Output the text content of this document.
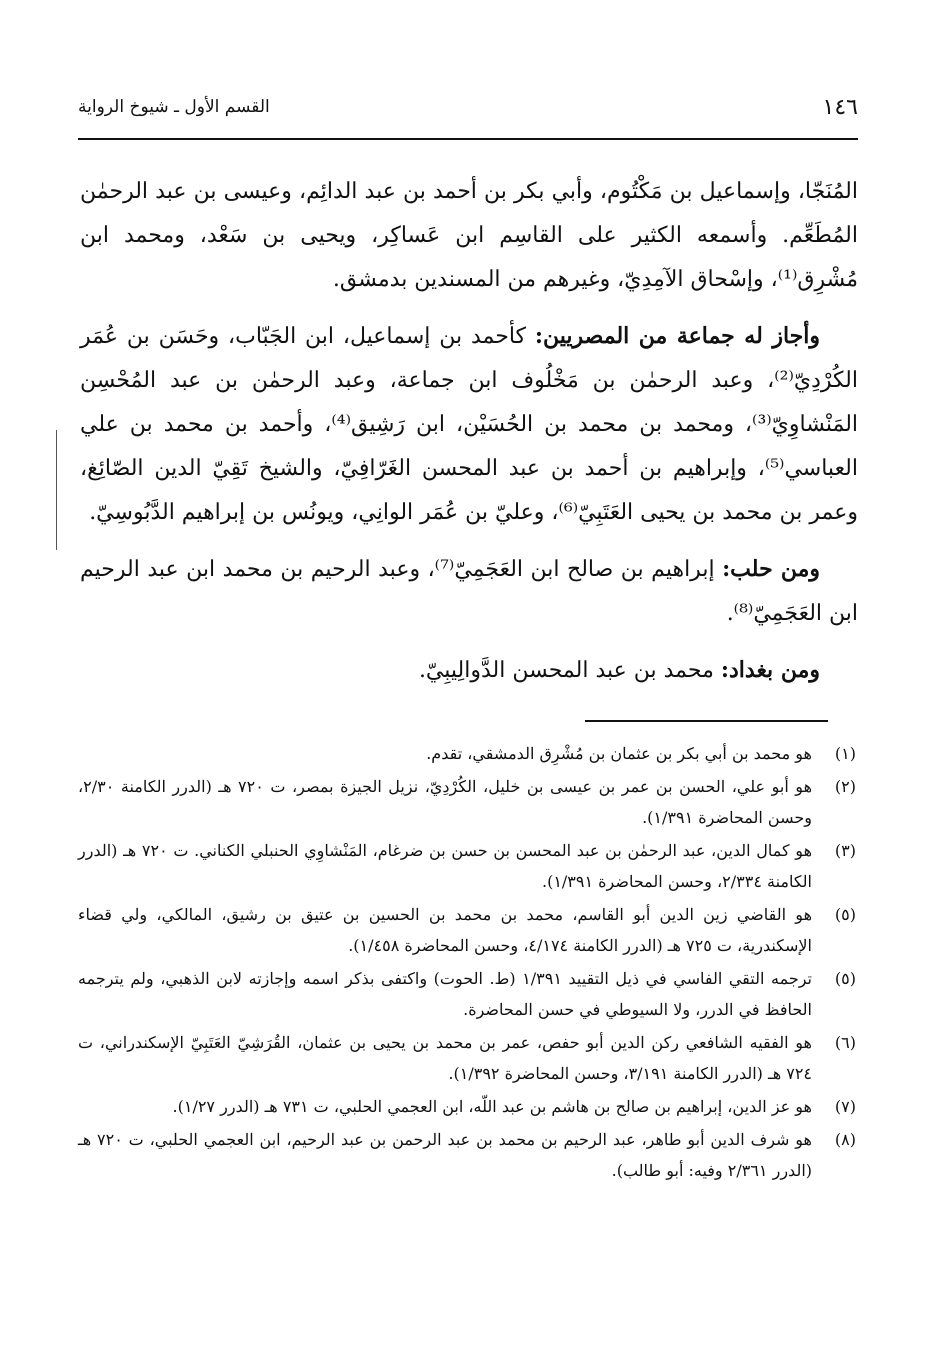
١٤٦
القسم الأول ـ شيوخ الرواية

المُنَجّا، وإسماعيل بن مَكْتُوم، وأبي بكر بن أحمد بن عبد الدائِم، وعيسى بن عبد الرحمٰن المُطَعِّم. وأسمعه الكثير على القاسِم ابن عَساكِر، ويحيى بن سَعْد، ومحمد ابن مُشْرِق⁽¹⁾، وإسْحاق الآمِدِيّ، وغيرهم من المسندين بدمشق.

وأجاز له جماعة من المصريين: كأحمد بن إسماعيل، ابن الجَبّاب، وحَسَن بن عُمَر الكُرْدِيّ⁽²⁾، وعبد الرحمٰن بن مَخْلُوف ابن جماعة، وعبد الرحمٰن بن عبد المُحْسِن المَنْشاوِيّ⁽³⁾، ومحمد بن محمد بن الحُسَيْن، ابن رَشِيق⁽⁴⁾، وأحمد بن محمد بن علي العباسي⁽⁵⁾، وإبراهيم بن أحمد بن عبد المحسن الغَرّافِيّ، والشيخ تَقِيّ الدين الصّائِغ، وعمر بن محمد بن يحيى العَتَبِيّ⁽⁶⁾، وعليّ بن عُمَر الوانِي، ويونُس بن إبراهيم الدَّبُوسِيّ.

ومن حلب: إبراهيم بن صالح ابن العَجَمِيّ⁽⁷⁾، وعبد الرحيم بن محمد ابن عبد الرحيم ابن العَجَمِيّ⁽⁸⁾.

ومن بغداد: محمد بن عبد المحسن الدَّوالِيبِيّ.

(١)
هو محمد بن أبي بكر بن عثمان بن مُشْرِق الدمشقي، تقدم.
(٢)
هو أبو علي، الحسن بن عمر بن عيسى بن خليل، الكُرْدِيّ، نزيل الجيزة بمصر، ت ٧٢٠ هـ (الدرر الكامنة ٢/٣٠، وحسن المحاضرة ١/٣٩١).
(٣)
هو كمال الدين، عبد الرحمٰن بن عبد المحسن بن حسن بن ضرغام، المَنْشاوِي الحنبلي الكناني. ت ٧٢٠ هـ (الدرر الكامنة ٢/٣٣٤، وحسن المحاضرة ١/٣٩١).
(٥)
هو القاضي زين الدين أبو القاسم، محمد بن محمد بن الحسين بن عتيق بن رشيق، المالكي، ولي قضاء الإسكندرية، ت ٧٢٥ هـ (الدرر الكامنة ٤/١٧٤، وحسن المحاضرة ١/٤٥٨).
(٥)
ترجمه التقي الفاسي في ذيل التقييد ١/٣٩١ (ط. الحوت) واكتفى بذكر اسمه وإجازته لابن الذهبي، ولم يترجمه الحافظ في الدرر، ولا السيوطي في حسن المحاضرة.
(٦)
هو الفقيه الشافعي ركن الدين أبو حفص، عمر بن محمد بن يحيى بن عثمان، القُرَشِيّ العَتَبِيّ الإسكندراني، ت ٧٢٤ هـ (الدرر الكامنة ٣/١٩١، وحسن المحاضرة ١/٣٩٢).
(٧)
هو عز الدين، إبراهيم بن صالح بن هاشم بن عبد اللّه، ابن العجمي الحلبي، ت ٧٣١ هـ (الدرر ١/٢٧).
(٨)
هو شرف الدين أبو طاهر، عبد الرحيم بن محمد بن عبد الرحمن بن عبد الرحيم، ابن العجمي الحلبي، ت ٧٢٠ هـ (الدرر ٢/٣٦١ وفيه: أبو طالب).
